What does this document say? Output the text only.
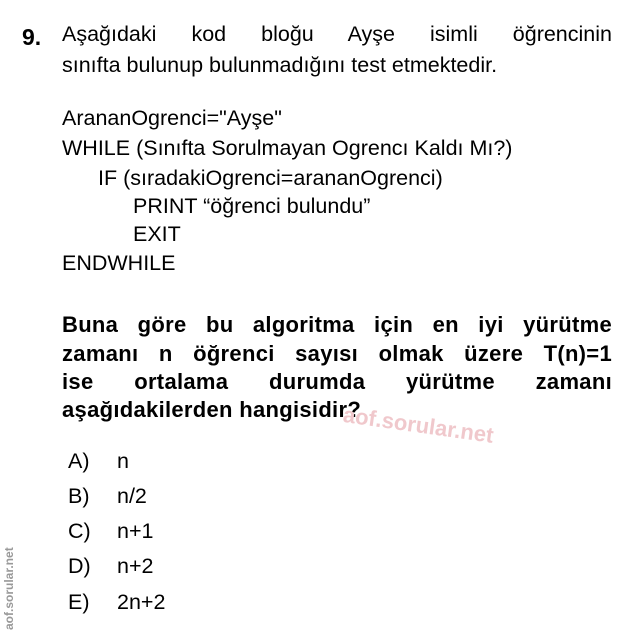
9. Aşağıdaki kod bloğu Ayşe isimli öğrencinin
sınıfta bulunup bulunmadığını test etmektedir.
ArananOgrenci="Ayşe"
WHILE (Sınıfta Sorulmayan Ogrencı Kaldı Mı?)
IF (sıradakiOgrenci=arananOgrenci)
PRINT “öğrenci bulundu”
EXIT
ENDWHILE
Buna göre bu algoritma için en iyi yürütme
zamanı n öğrenci sayısı olmak üzere T(n)=1
ise ortalama durumda yürütme zamanı
aşağıdakilerden hangisidir?
aof.sorular.net
A) n
B) n/2
C) n+1
D) n+2
E) 2n+2
aof.sorular.net
